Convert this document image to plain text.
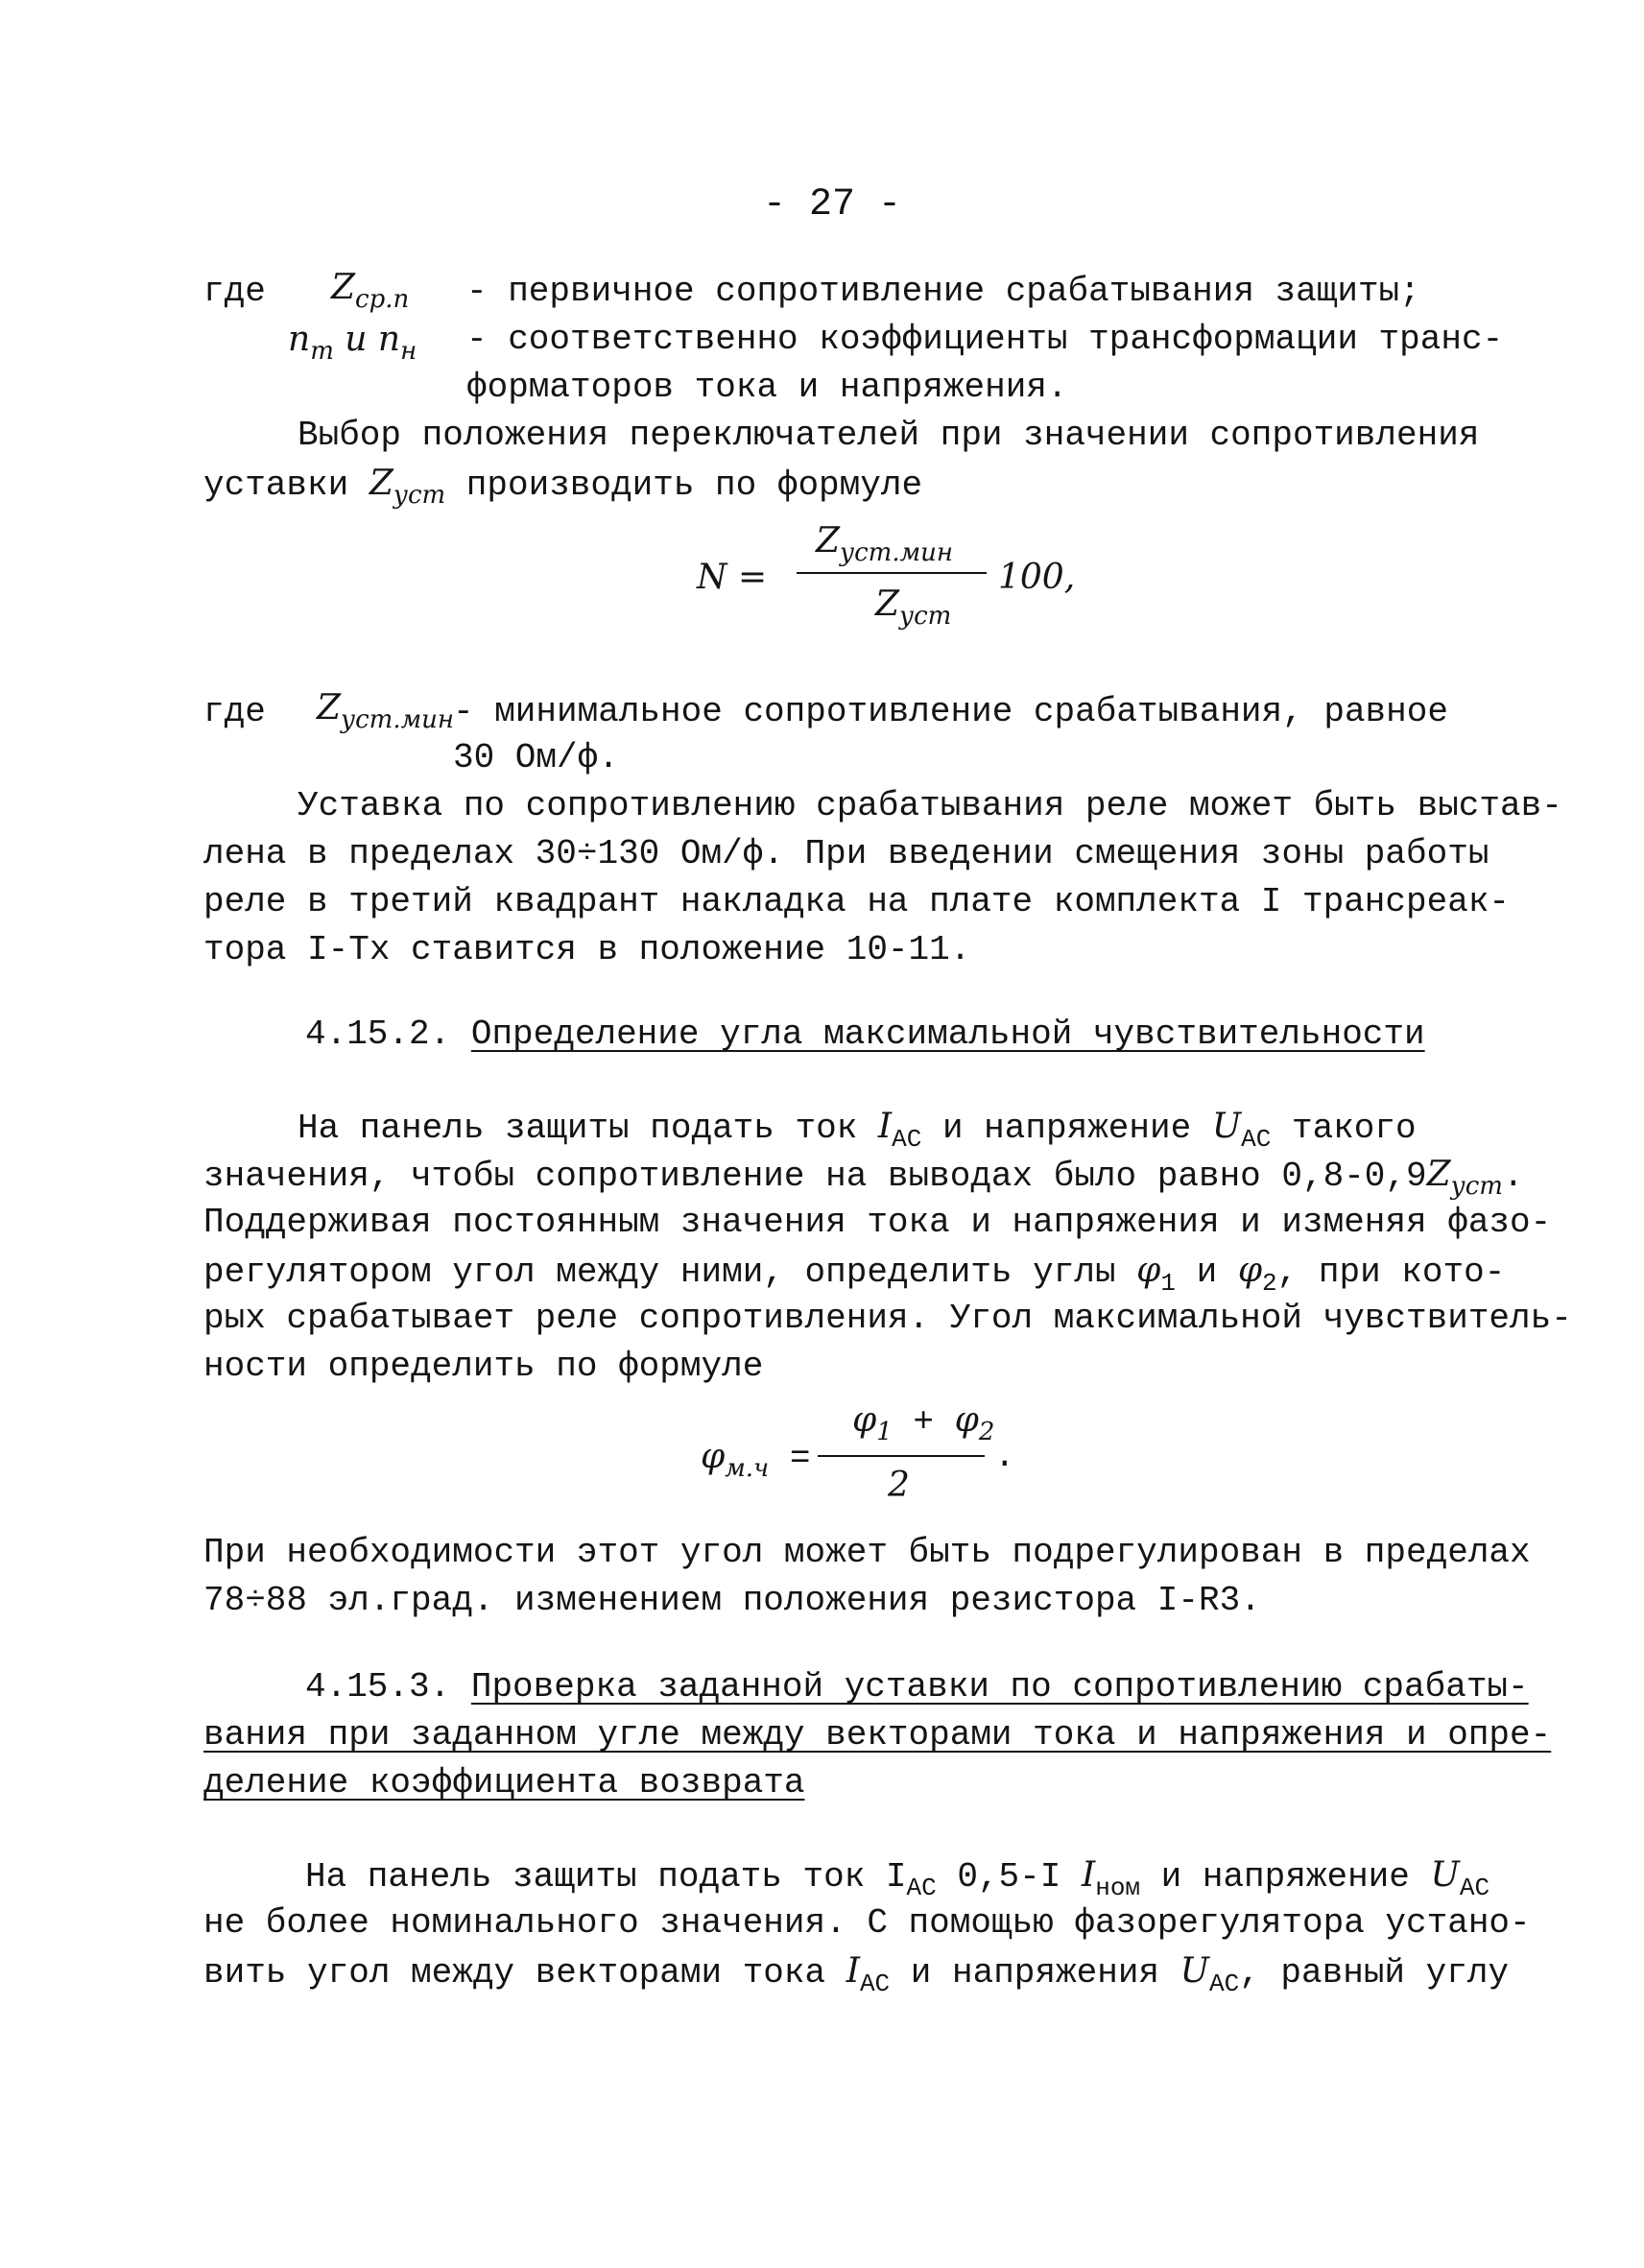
- 27 -
где $Z_{ср.п}$ - первичное сопротивление срабатывания защиты;
$n_т$ и $n_н$ - соответственно коэффициенты трансформации транс-
форматоров тока и напряжения.
Выбор положения переключателей при значении сопротивления
уставки $Z_{уст}$ производить по формуле
N =
$Z_{уст.мин}$
$Z_{уст}$
100,
где $Z_{уст.мин}$
- минимальное сопротивление срабатывания, равное
30 Ом/ф.
Уставка по сопротивлению срабатывания реле может быть выстав-
лена в пределах 30÷130 Ом/ф. При введении смещения зоны работы
реле в третий квадрант накладка на плате комплекта I трансреак-
тора I-Тх ставится в положение 10-11.
4.15.2. Определение угла максимальной чувствительности
На панель защиты подать ток $I_{АС}$ и напряжение $U_{АС}$ такого
значения, чтобы сопротивление на выводах было равно $0,8-0,9Z_{уст}$.
Поддерживая постоянным значения тока и напряжения и изменяя фазо-
регулятором угол между ними, определить углы $\varphi_1$ и $\varphi_2$, при кото-
рых срабатывает реле сопротивления. Угол максимальной чувствитель-
ности определить по формуле
$\varphi_{м.ч}$ =
$\varphi_1 + \varphi_2$
2
.
При необходимости этот угол может быть подрегулирован в пределах
78÷88 эл.град. изменением положения резистора I-R3.
4.15.3. Проверка заданной уставки по сопротивлению срабаты-
вания при заданном угле между векторами тока и напряжения и опре-
деление коэффициента возврата
На панель защиты подать ток $I_{АС}$ 0,5-I $I_{ном}$ и напряжение $U_{АС}$
не более номинального значения. С помощью фазорегулятора устано-
вить угол между векторами тока $I_{АС}$ и напряжения $U_{АС}$, равный углу
